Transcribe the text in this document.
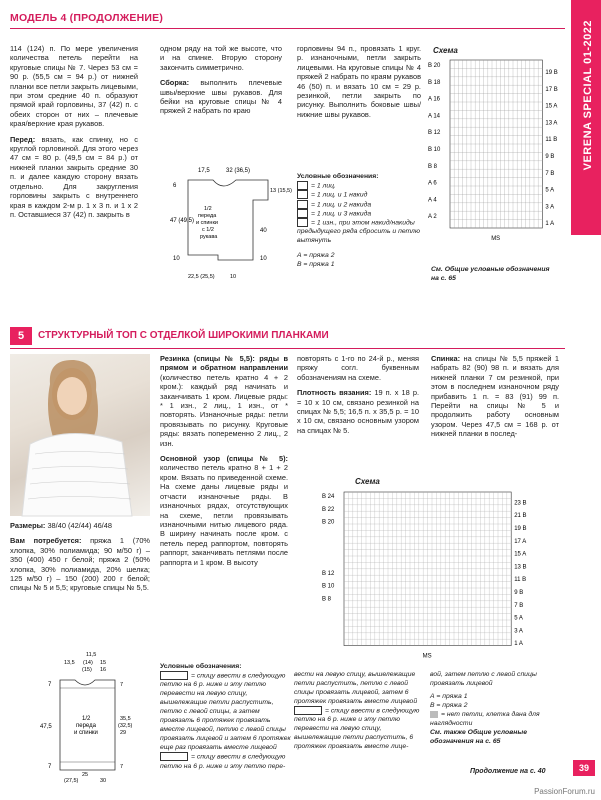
МОДЕЛЬ 4 (ПРОДОЛЖЕНИЕ)
VERENA SPECIAL 01-2022
39
114 (124) п. По мере увеличения количества петель перейти на круговые спицы № 7. Через 53 см = 90 р. (55,5 см = 94 р.) от нижней планки все петли закрыть лицевыми, при этом средние 40 п. образуют прямой край горловины, 37 (42) п. с обеих сторон от них – плечевые края/верхние края рукавов.
Перед: вязать, как спинку, но с круглой горловиной. Для этого через 47 см = 80 р. (49,5 см = 84 р.) от нижней планки закрыть средние 30 п. и далее каждую сторону вязать отдельно. Для закругления горловины закрыть с внутреннего края в каждом 2-м р. 1 х 3 п. и 1 х 2 п. Оставшиеся 37 (42) п. закрыть в
одном ряду на той же высоте, что и на спинке. Вторую сторону закончить симметрично.
Сборка: выполнить плечевые швы/верхние швы рукавов. Для бейки на круговые спицы № 4 пряжей 2 набрать по краю
горловины 94 п., провязать 1 круг. р. изнаночными, петли закрыть лицевыми. На круговые спицы № 4 пряжей 2 набрать по краям рукавов 46 (50) п. и вязать 10 см = 29 р. резинкой, петли закрыть по рисунку. Выполнить боковые швы/нижние швы рукавов.
17,5	32 (36,5)
6
13 (15,5)
40
47 (49,5)
1/2
переда
и спинки
с 1/2
рукава
10	10
22,5 (25,5)	10
Условные обозначения:
= 1 лиц.
= 1 лиц. и 1 накид
= 1 лиц. и 2 накида
= 1 лиц. и 3 накида
= 1 изн., при этом накид/накиды предыдущего ряда сбросить и петлю вытянуть
А = пряжа 2
В = пряжа 1
Схема
B 20
B 18
A 16
A 14
B 12
B 10
B 8
A 6
A 4
A 2
19 B
17 B
15 A
13 A
11 B
9 B
7 B
5 A
3 A
1 A
MS
См. Общие условные обозначения на с. 65
5	СТРУКТУРНЫЙ ТОП С ОТДЕЛКОЙ ШИРОКИМИ ПЛАНКАМИ
Размеры: 38/40 (42/44) 46/48
Вам потребуется: пряжа 1 (70% хлопка, 30% полиамида; 90 м/50 г) – 350 (400) 450 г белой; пряжа 2 (50% хлопка, 30% полиамида, 20% шелка; 125 м/50 г) – 150 (200) 200 г белой; спицы № 5 и 5,5; круговые спицы № 5,5.
11,5
13,5 (14) 15
(15) 16
7
47,5
7
1/2
переда
и спинки
7
35,5
(32,5)
29
7
25
(27,5)	30
Резинка (спицы № 5,5): ряды в прямом и обратном направлении (количество петель кратно 4 + 2 кром.): каждый ряд начинать и заканчивать 1 кром. Лицевые ряды: * 1 изн., 2 лиц., 1 изн., от * повторять. Изнаночные ряды: петли провязывать по рисунку. Круговые ряды: вязать попеременно 2 лиц., 2 изн.
Основной узор (спицы № 5): количество петель кратно 8 + 1 + 2 кром. Вязать по приведенной схеме. На схеме даны лицевые ряды и отчасти изнаночные ряды. В изнаночных рядах, отсутствующих на схеме, петли провязывать изнаночными нитью лицевого ряда. В ширину начинать после кром. с петель перед раппортом, повторять раппорт, заканчивать петлями после раппорта и 1 кром. В высоту
повторять с 1-го по 24-й р., меняя пряжу согл. буквенным обозначениям на схеме.
Плотность вязания: 19 п. х 18 р. = 10 х 10 см, связано резинкой на спицах № 5,5; 16,5 п. х 35,5 р. = 10 х 10 см, связано основным узором на спицах № 5.
Спинка: на спицы № 5,5 пряжей 1 набрать 82 (90) 98 п. и вязать для нижней планки 7 см резинкой, при этом в последнем изнаночном ряду прибавить 1 п. = 83 (91) 99 п. Перейти на спицы № 5 и продолжить работу основным узором. Через 47,5 см = 168 р. от нижней планки в послед-
Схема
B 24
B 22
B 20
B 12
B 10
B 8
23 B
21 B
19 B
17 A
15 A
13 B
11 B
9 B
7 B
5 A
3 A
1 A
MS
Условные обозначения:
= спицу ввести в следующую петлю на 6 р. ниже и эту петлю перевести на левую спицу, вышележащие петли распустить, петлю с левой спицы, а затем провязать 6 протяжек провязать вместе лицевой, петлю с левой спицы провязать лицевой и затем 6 протяжек еще раз провязать вместе лицевой
= спицу ввести в следующую петлю на 6 р. ниже и эту петлю пере-
вести на левую спицу, вышележащие петли распустить, петлю с левой спицы провязать лицевой, затем 6 протяжек провязать вместе лицевой
= спицу ввести в следующую петлю на 6 р. ниже и эту петлю перевести на левую спицу, вышележащие петли распустить, 6 протяжек провязать вместе лице-
вой, затем петлю с левой спицы провязать лицевой
А = пряжа 1
В = пряжа 2
= нет петли, клетка дана для наглядности
См. также Общие условные обозначения на с. 65
Продолжение на с. 40
PassionForum.ru
